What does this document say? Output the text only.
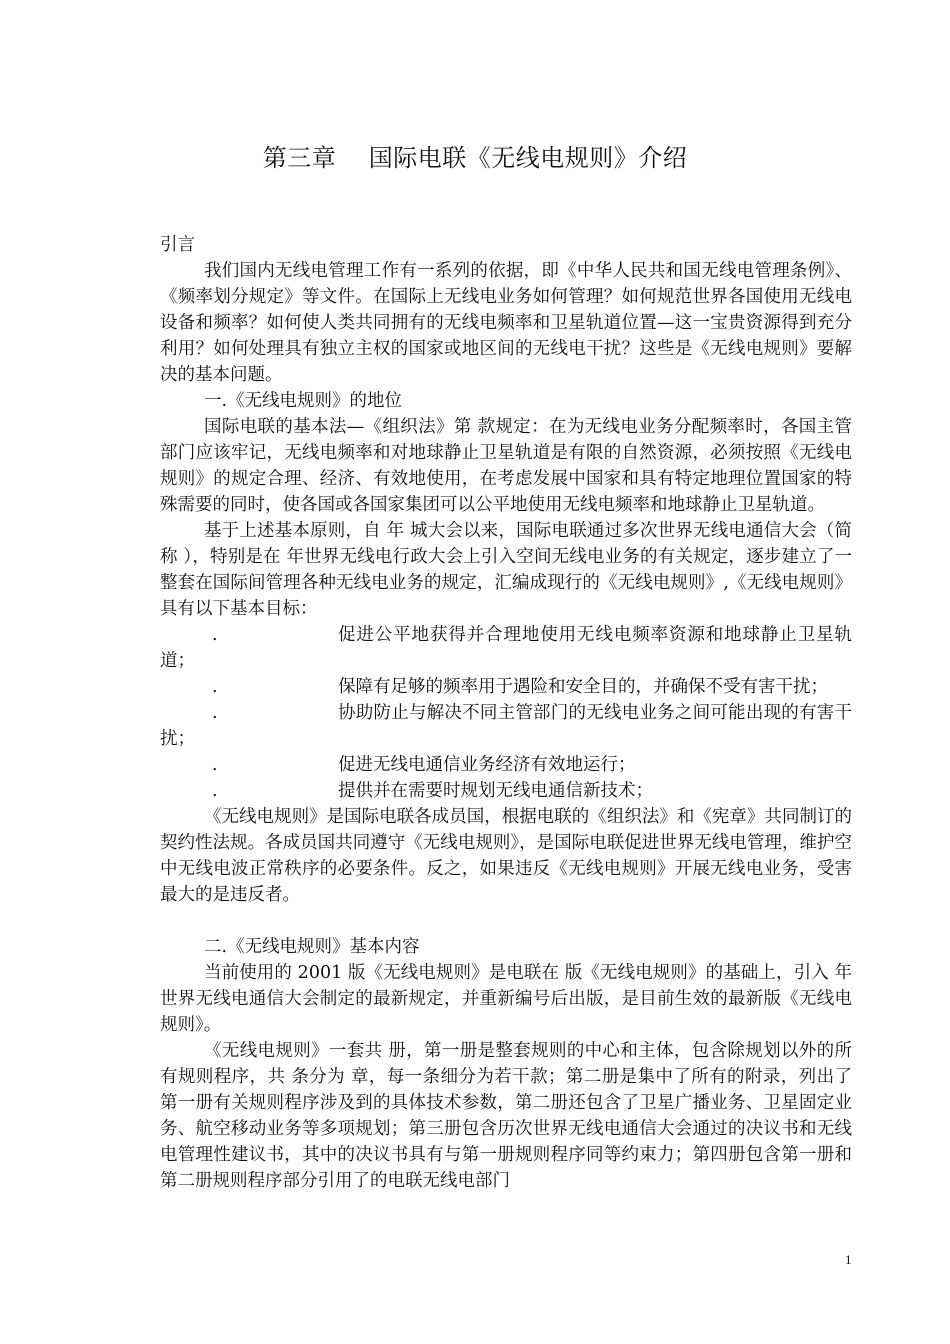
第三章    国际电联《无线电规则》介绍

引言

我们国内无线电管理工作有一系列的依据，即《中华人民共和国无线电管理条例》、《频率划分规定》等文件。在国际上无线电业务如何管理？如何规范世界各国使用无线电设备和频率？如何使人类共同拥有的无线电频率和卫星轨道位置—这一宝贵资源得到充分利用？如何处理具有独立主权的国家或地区间的无线电干扰？这些是《无线电规则》要解决的基本问题。

一.《无线电规则》的地位

国际电联的基本法—《组织法》第 款规定：在为无线电业务分配频率时，各国主管部门应该牢记，无线电频率和对地球静止卫星轨道是有限的自然资源，必须按照《无线电规则》的规定合理、经济、有效地使用，在考虑发展中国家和具有特定地理位置国家的特殊需要的同时，使各国或各国家集团可以公平地使用无线电频率和地球静止卫星轨道。

基于上述基本原则，自 年 城大会以来，国际电联通过多次世界无线电通信大会（简称 ），特别是在 年世界无线电行政大会上引入空间无线电业务的有关规定，逐步建立了一整套在国际间管理各种无线电业务的规定，汇编成现行的《无线电规则》,《无线电规则》具有以下基本目标：

.	促进公平地获得并合理地使用无线电频率资源和地球静止卫星轨道；

.	保障有足够的频率用于遇险和安全目的，并确保不受有害干扰；

.	协助防止与解决不同主管部门的无线电业务之间可能出现的有害干扰；

.	促进无线电通信业务经济有效地运行；

.	提供并在需要时规划无线电通信新技术；

《无线电规则》是国际电联各成员国，根据电联的《组织法》和《宪章》共同制订的契约性法规。各成员国共同遵守《无线电规则》，是国际电联促进世界无线电管理，维护空中无线电波正常秩序的必要条件。反之，如果违反《无线电规则》开展无线电业务，受害最大的是违反者。

二.《无线电规则》基本内容

当前使用的 2001 版《无线电规则》是电联在 版《无线电规则》的基础上，引入 年世界无线电通信大会制定的最新规定，并重新编号后出版，是目前生效的最新版《无线电规则》。

《无线电规则》一套共 册，第一册是整套规则的中心和主体，包含除规划以外的所有规则程序，共 条分为 章，每一条细分为若干款；第二册是集中了所有的附录，列出了第一册有关规则程序涉及到的具体技术参数，第二册还包含了卫星广播业务、卫星固定业务、航空移动业务等多项规划；第三册包含历次世界无线电通信大会通过的决议书和无线电管理性建议书，其中的决议书具有与第一册规则程序同等约束力；第四册包含第一册和第二册规则程序部分引用了的电联无线电部门

1
